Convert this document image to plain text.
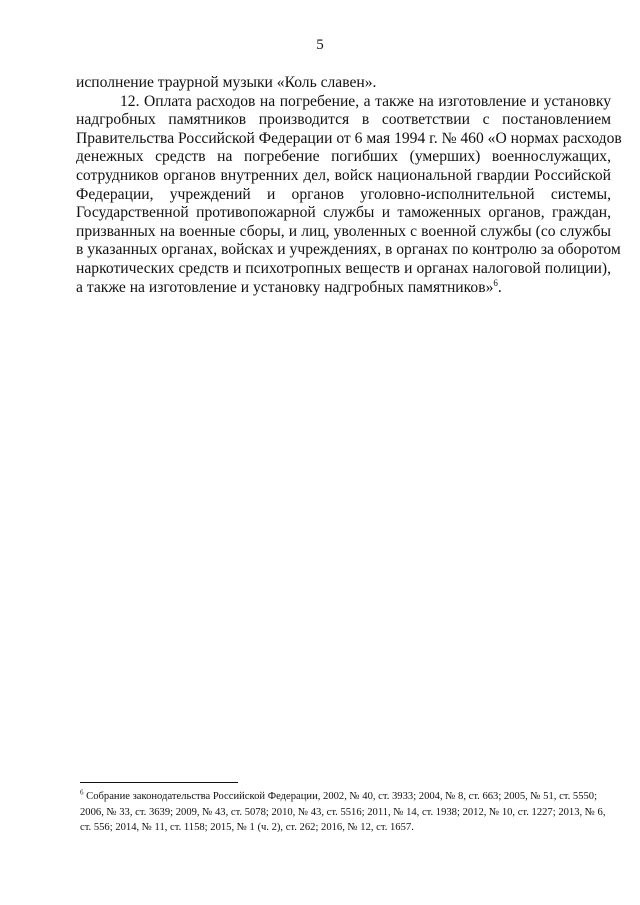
5
исполнение траурной музыки «Коль славен».
12. Оплата расходов на погребение, а также на изготовление и установку
надгробных памятников производится в соответствии с постановлением
Правительства Российской Федерации от 6 мая 1994 г. № 460 «О нормах расходов
денежных средств на погребение погибших (умерших) военнослужащих,
сотрудников органов внутренних дел, войск национальной гвардии Российской
Федерации, учреждений и органов уголовно-исполнительной системы,
Государственной противопожарной службы и таможенных органов, граждан,
призванных на военные сборы, и лиц, уволенных с военной службы (со службы
в указанных органах, войсках и учреждениях, в органах по контролю за оборотом
наркотических средств и психотропных веществ и органах налоговой полиции),
а также на изготовление и установку надгробных памятников»$^6$.
$^6$ Собрание законодательства Российской Федерации, 2002, № 40, ст. 3933; 2004, № 8, ст. 663; 2005, № 51, ст. 5550; 2006, № 33, ст. 3639; 2009, № 43, ст. 5078; 2010, № 43, ст. 5516; 2011, № 14, ст. 1938; 2012, № 10, ст. 1227; 2013, № 6, ст. 556; 2014, № 11, ст. 1158; 2015, № 1 (ч. 2), ст. 262; 2016, № 12, ст. 1657.
